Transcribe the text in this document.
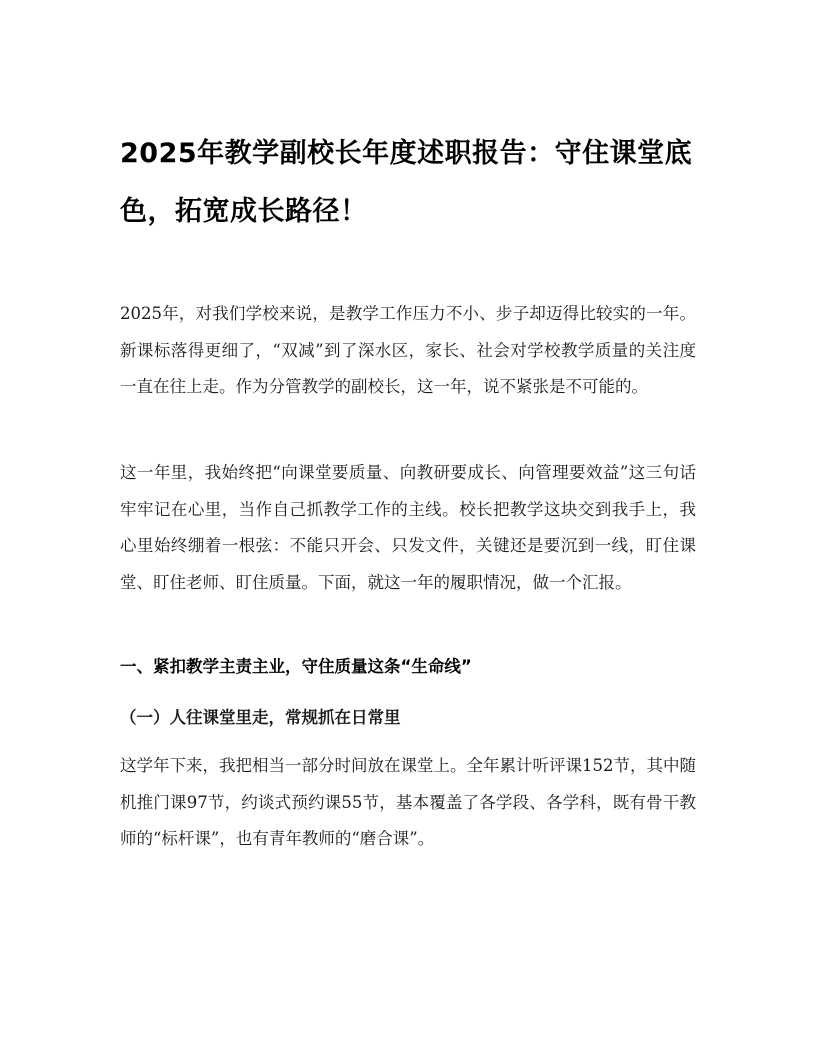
2025年教学副校长年度述职报告：守住课堂底色，拓宽成长路径！

2025年，对我们学校来说，是教学工作压力不小、步子却迈得比较实的一年。新课标落得更细了，“双减”到了深水区，家长、社会对学校教学质量的关注度一直在往上走。作为分管教学的副校长，这一年，说不紧张是不可能的。

这一年里，我始终把“向课堂要质量、向教研要成长、向管理要效益”这三句话牢牢记在心里，当作自己抓教学工作的主线。校长把教学这块交到我手上，我心里始终绷着一根弦：不能只开会、只发文件，关键还是要沉到一线，盯住课堂、盯住老师、盯住质量。下面，就这一年的履职情况，做一个汇报。

一、紧扣教学主责主业，守住质量这条“生命线”
（一）人往课堂里走，常规抓在日常里

这学年下来，我把相当一部分时间放在课堂上。全年累计听评课152节，其中随机推门课97节，约谈式预约课55节，基本覆盖了各学段、各学科，既有骨干教师的“标杆课”，也有青年教师的“磨合课”。
